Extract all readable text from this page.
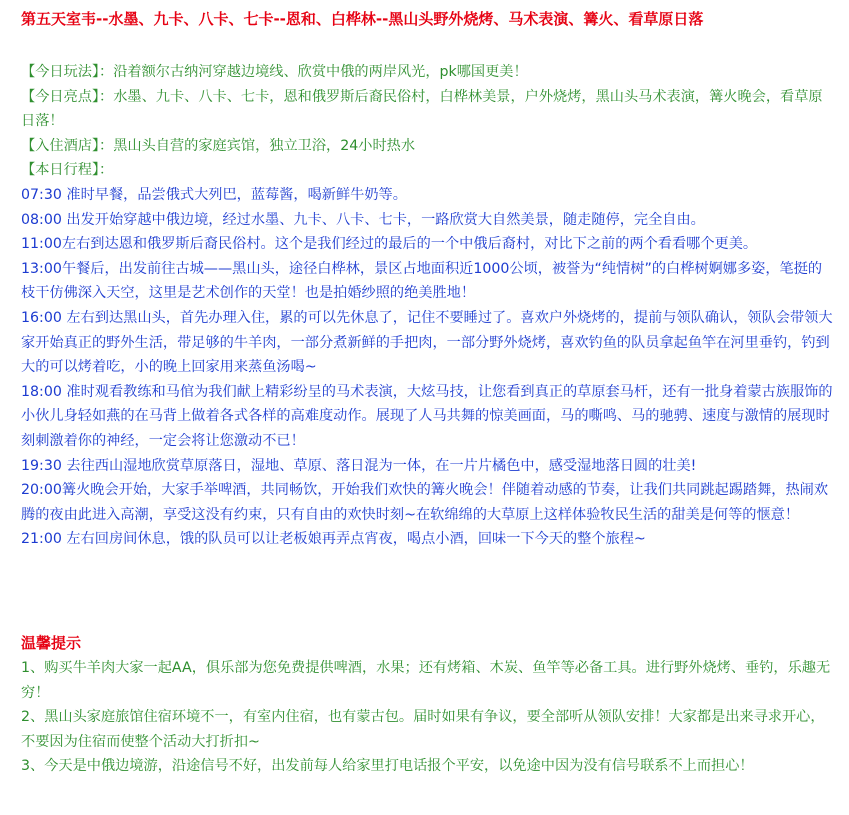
第五天室韦--水墨、九卡、八卡、七卡--恩和、白桦林--黑山头野外烧烤、马术表演、篝火、看草原日落

【今日玩法】：沿着额尔古纳河穿越边境线、欣赏中俄的两岸风光，pk哪国更美！

【今日亮点】：水墨、九卡、八卡、七卡，恩和俄罗斯后裔民俗村，白桦林美景，户外烧烤，黑山头马术表演，篝火晚会，看草原日落！

【入住酒店】：黑山头自营的家庭宾馆，独立卫浴，24小时热水

【本日行程】：

07:30 准时早餐，品尝俄式大列巴，蓝莓酱，喝新鲜牛奶等。

08:00 出发开始穿越中俄边境，经过水墨、九卡、八卡、七卡，一路欣赏大自然美景，随走随停，完全自由。

11:00左右到达恩和俄罗斯后裔民俗村。这个是我们经过的最后的一个中俄后裔村，对比下之前的两个看看哪个更美。

13:00午餐后，出发前往古城——黑山头，途径白桦林，景区占地面积近1000公顷，被誉为“纯情树”的白桦树婀娜多姿，笔挺的枝干仿佛深入天空，这里是艺术创作的天堂！也是拍婚纱照的绝美胜地！

16:00 左右到达黑山头，首先办理入住，累的可以先休息了，记住不要睡过了。喜欢户外烧烤的，提前与领队确认，领队会带领大家开始真正的野外生活，带足够的牛羊肉，一部分煮新鲜的手把肉，一部分野外烧烤，喜欢钓鱼的队员拿起鱼竿在河里垂钓，钓到大的可以烤着吃，小的晚上回家用来蒸鱼汤喝~

18:00 准时观看教练和马倌为我们献上精彩纷呈的马术表演，大炫马技，让您看到真正的草原套马杆，还有一批身着蒙古族服饰的小伙儿身轻如燕的在马背上做着各式各样的高难度动作。展现了人马共舞的惊美画面，马的嘶鸣、马的驰骋、速度与激情的展现时刻刺激着你的神经，一定会将让您激动不已！

19:30 去往西山湿地欣赏草原落日，湿地、草原、落日混为一体，在一片片橘色中，感受湿地落日圆的壮美!

20:00篝火晚会开始，大家手举啤酒，共同畅饮，开始我们欢快的篝火晚会！伴随着动感的节奏，让我们共同跳起踢踏舞，热闹欢腾的夜由此进入高潮，享受这没有约束，只有自由的欢快时刻~在软绵绵的大草原上这样体验牧民生活的甜美是何等的惬意！

21:00 左右回房间休息，饿的队员可以让老板娘再弄点宵夜，喝点小酒，回味一下今天的整个旅程~

温馨提示

1、购买牛羊肉大家一起AA，俱乐部为您免费提供啤酒，水果；还有烤箱、木炭、鱼竿等必备工具。进行野外烧烤、垂钓，乐趣无穷！

2、黑山头家庭旅馆住宿环境不一，有室内住宿，也有蒙古包。届时如果有争议，要全部听从领队安排！大家都是出来寻求开心，不要因为住宿而使整个活动大打折扣~

3、今天是中俄边境游，沿途信号不好，出发前每人给家里打电话报个平安，以免途中因为没有信号联系不上而担心！
